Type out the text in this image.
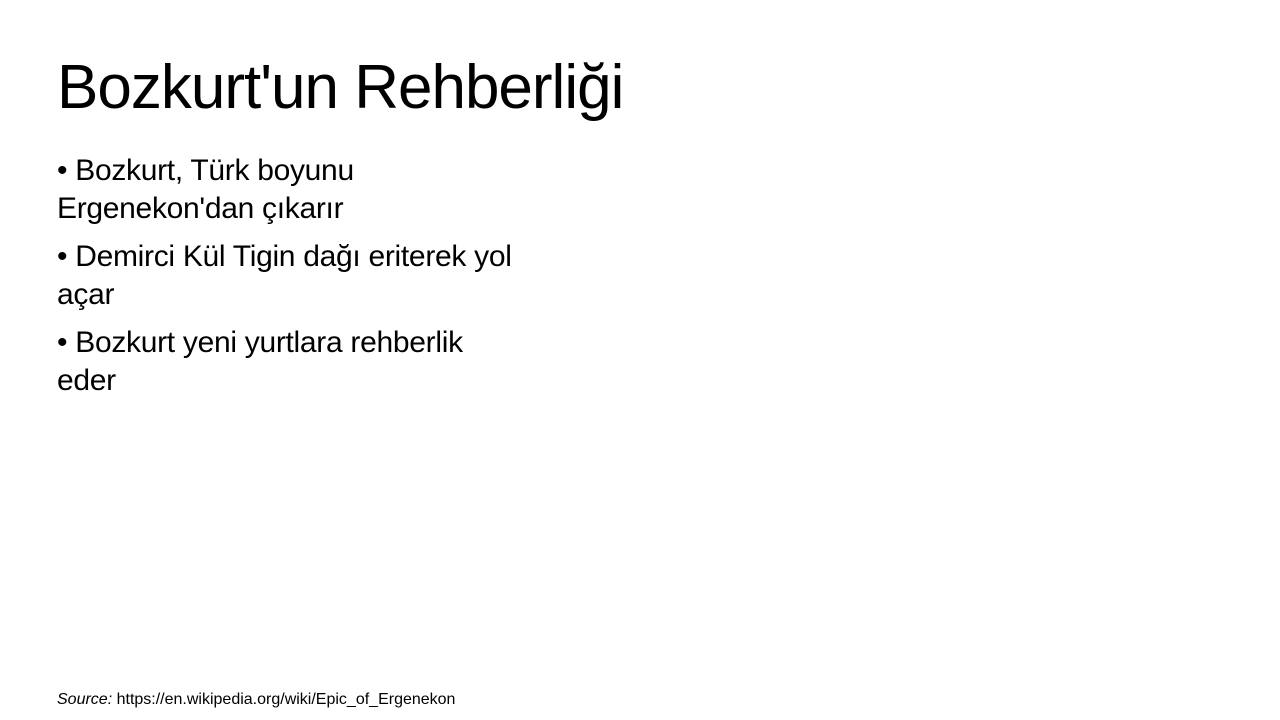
Bozkurt'un Rehberliği

• Bozkurt, Türk boyunu
Ergenekon'dan çıkarır

• Demirci Kül Tigin dağı eriterek yol
açar

• Bozkurt yeni yurtlara rehberlik
eder

Source: https://en.wikipedia.org/wiki/Epic_of_Ergenekon
